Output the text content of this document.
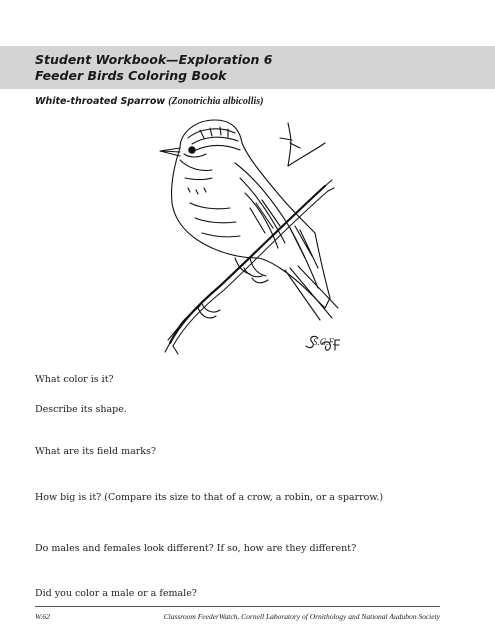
Student Workbook—Exploration 6
Feeder Birds Coloring Book
White-throated Sparrow (Zonotrichia albicollis)
S.G.F.
What color is it?
Describe its shape.
What are its field marks?
How big is it? (Compare its size to that of a crow, a robin, or a sparrow.)
Do males and females look different? If so, how are they different?
Did you color a male or a female?
W.62	Classroom FeederWatch, Cornell Laboratory of Ornithology and National Audubon Society
